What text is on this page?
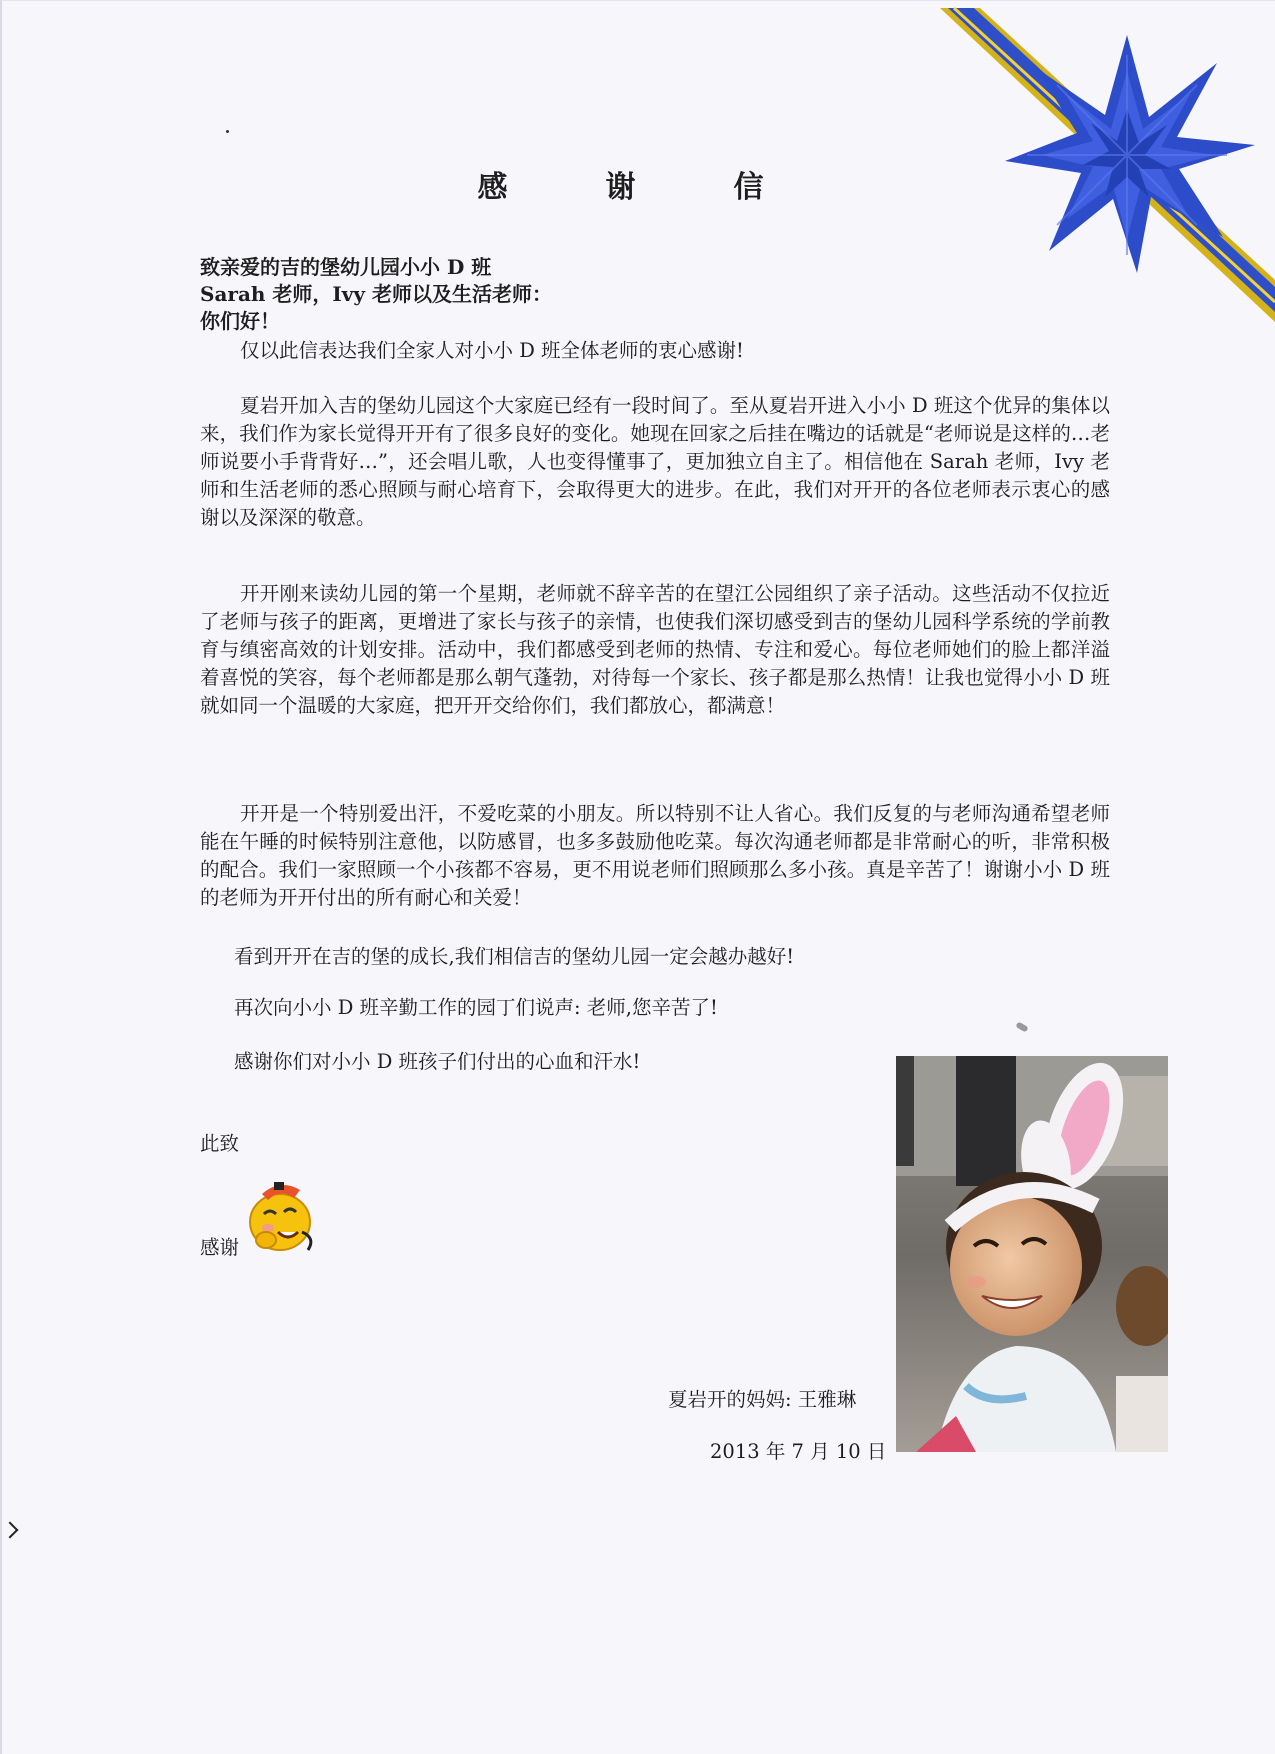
感　谢　信
致亲爱的吉的堡幼儿园小小 D 班
Sarah 老师，Ivy 老师以及生活老师：
你们好！
仅以此信表达我们全家人对小小 D 班全体老师的衷心感谢!
夏岩开加入吉的堡幼儿园这个大家庭已经有一段时间了。至从夏岩开进入小小 D 班这个优异的集体以来，我们作为家长觉得开开有了很多良好的变化。她现在回家之后挂在嘴边的话就是“老师说是这样的…老师说要小手背背好…”，还会唱儿歌，人也变得懂事了，更加独立自主了。相信他在 Sarah 老师，Ivy 老师和生活老师的悉心照顾与耐心培育下，会取得更大的进步。在此，我们对开开的各位老师表示衷心的感谢以及深深的敬意。
开开刚来读幼儿园的第一个星期，老师就不辞辛苦的在望江公园组织了亲子活动。这些活动不仅拉近了老师与孩子的距离，更增进了家长与孩子的亲情，也使我们深切感受到吉的堡幼儿园科学系统的学前教育与缜密高效的计划安排。活动中，我们都感受到老师的热情、专注和爱心。每位老师她们的脸上都洋溢着喜悦的笑容，每个老师都是那么朝气蓬勃，对待每一个家长、孩子都是那么热情！让我也觉得小小 D 班就如同一个温暖的大家庭，把开开交给你们，我们都放心，都满意！
开开是一个特别爱出汗，不爱吃菜的小朋友。所以特别不让人省心。我们反复的与老师沟通希望老师能在午睡的时候特别注意他，以防感冒，也多多鼓励他吃菜。每次沟通老师都是非常耐心的听，非常积极的配合。我们一家照顾一个小孩都不容易，更不用说老师们照顾那么多小孩。真是辛苦了！谢谢小小 D 班的老师为开开付出的所有耐心和关爱！
看到开开在吉的堡的成长,我们相信吉的堡幼儿园一定会越办越好!
再次向小小 D 班辛勤工作的园丁们说声: 老师,您辛苦了!
感谢你们对小小 D 班孩子们付出的心血和汗水!
此致
感谢
夏岩开的妈妈: 王雅琳
2013 年 7 月 10 日
